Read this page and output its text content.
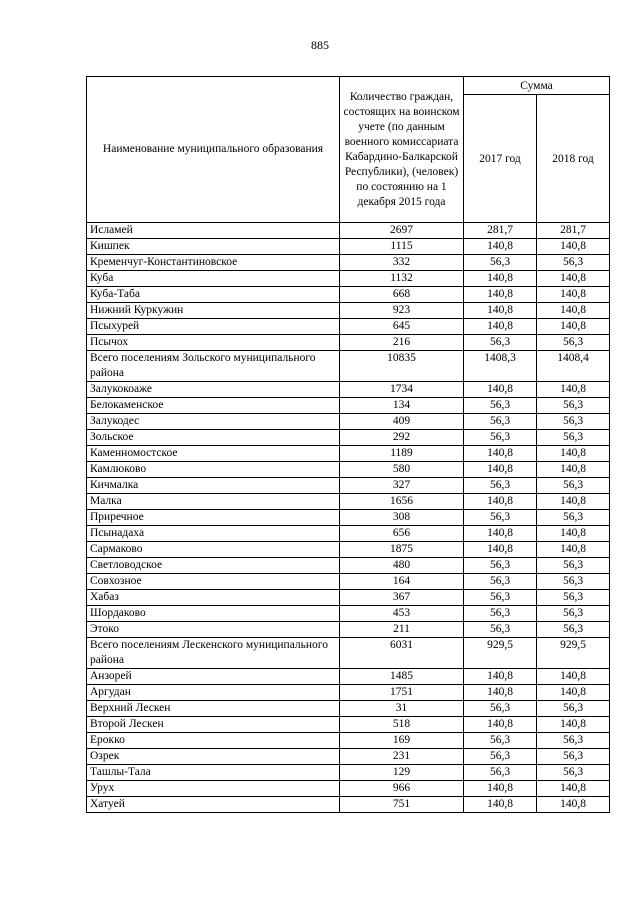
885
Наименование муниципального образования	Количество граждан, состоящих на воинском учете (по данным военного комиссариата Кабардино-Балкарской Республики), (человек) по состоянию на 1 декабря 2015 года	Сумма	
		2017 год	2018 год
Исламей	2697	281,7	281,7
Кишпек	1115	140,8	140,8
Кременчуг-Константиновское	332	56,3	56,3
Куба	1132	140,8	140,8
Куба-Таба	668	140,8	140,8
Нижний Куркужин	923	140,8	140,8
Псыхурей	645	140,8	140,8
Псычох	216	56,3	56,3
Всего поселениям Зольского муниципального района	10835	1408,3	1408,4
Залукокоаже	1734	140,8	140,8
Белокаменское	134	56,3	56,3
Залукодес	409	56,3	56,3
Зольское	292	56,3	56,3
Каменномостское	1189	140,8	140,8
Камлюково	580	140,8	140,8
Кичмалка	327	56,3	56,3
Малка	1656	140,8	140,8
Приречное	308	56,3	56,3
Псынадаха	656	140,8	140,8
Сармаково	1875	140,8	140,8
Светловодское	480	56,3	56,3
Совхозное	164	56,3	56,3
Хабаз	367	56,3	56,3
Шордаково	453	56,3	56,3
Этоко	211	56,3	56,3
Всего поселениям Лескенского муниципального района	6031	929,5	929,5
Анзорей	1485	140,8	140,8
Аргудан	1751	140,8	140,8
Верхний Лескен	31	56,3	56,3
Второй Лескен	518	140,8	140,8
Ерокко	169	56,3	56,3
Озрек	231	56,3	56,3
Ташлы-Тала	129	56,3	56,3
Урух	966	140,8	140,8
Хатуей	751	140,8	140,8
